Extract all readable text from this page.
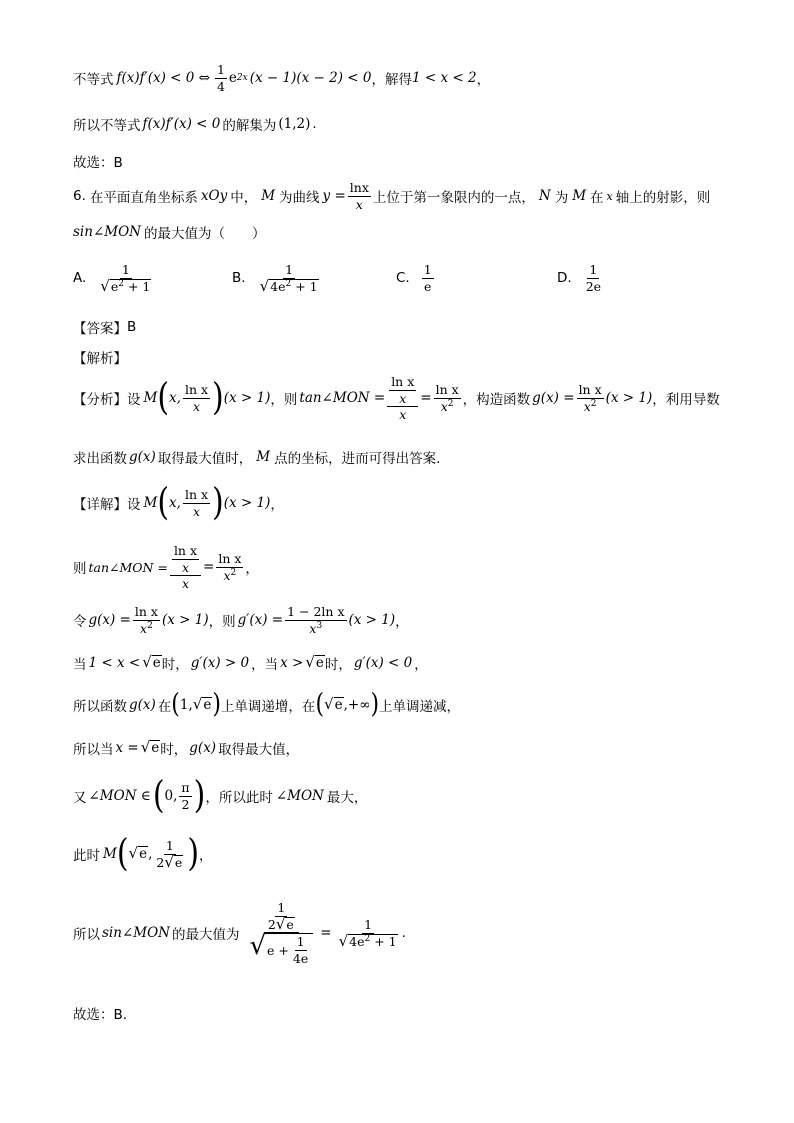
不等式 f(x)f′(x) < 0 ⇔ $\frac{1}{4}$ e 2x (x − 1)(x − 2) < 0 ，解得 1 < x < 2 ，
所以不等式 f(x)f′(x) < 0 的解集为 (1,2) .
故选：B
6. 在平面直角坐标系 xOy 中， M 为曲线 $y = \frac{\ln x}{x}$ 上位于第一象限内的一点， N 为 M 在 x 轴上的射影，则
sin∠MON 的最大值为（　　）
A. $\frac{1}{√ e^2 + 1}$	B. $\frac{1}{√ 4e^2 + 1}$	C. $\frac{1}{e}$	D. $\frac{1}{2e}$
【答案】 B
【解析】
【分析】 设 M ( x, $\frac{\text{ln x}}{x}$ ) (x > 1) ，则 tan∠MON = $\frac{\frac{\text{ln x}}{x}}{x} = \frac{\text{ln x}}{x^2}$ ，构造函数 $g(x) = \frac{\text{ln x}}{x^2} (x > 1)$ ，利用导数
求出函数 g(x) 取得最大值时， M 点的坐标，进而可得出答案.
【详解】 设 M ( x, $\frac{\text{ln x}}{x}$ ) (x > 1) ，
则 tan∠MON = $\frac{\frac{\text{ln x}}{x}}{x} = \frac{\text{ln x}}{x^2}$ ，
令 $g(x) = \frac{\text{ln x}}{x^2} (x > 1)$ ，则 $g'(x) = \frac{\text{1 − 2ln x}}{x^3} (x > 1)$ ，
当 1 < x < √ e 时， g′(x) > 0 ，当 x > √ e 时， g′(x) < 0 ，
所以函数 g(x) 在 ( 1, √ e ) 上单调递增，在 ( √ e ,+∞ ) 上单调递减，
所以当 x = √ e 时， g(x) 取得最大值，
又 ∠MON ∈ ( 0, $\frac{\pi}{2}$ ) ，所以此时 ∠MON 最大，
此时 M ( √ e , $\frac{1}{2 √ e}$ ) ，
所以 sin∠MON 的最大值为 $\frac{\frac{1}{2 √ e}}{√ e + \frac{1}{4e}} = \frac{1}{√ 4e^2 + 1}$ .
故选：B.
